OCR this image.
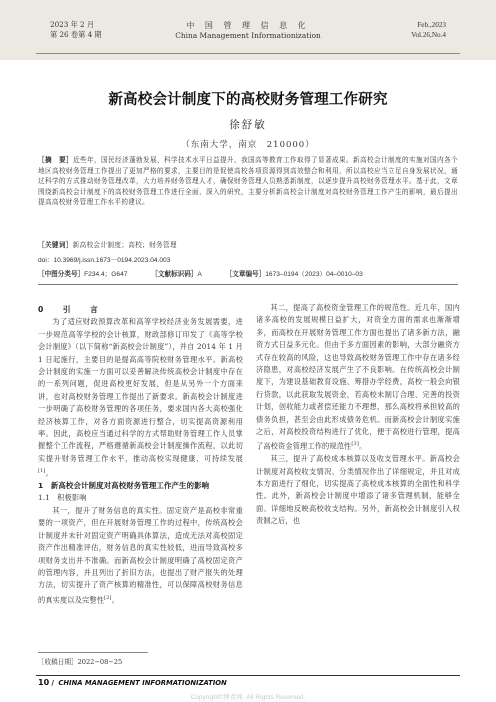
2023 年 2 月
第 26 卷第 4 期
中 国 管 理 信 息 化
China Management Informationization
Feb.,2023
Vol.26,No.4
新高校会计制度下的高校财务管理工作研究
徐舒敏
（东南大学，南京　210000）
［摘　要］近些年，国民经济蓬勃发展，科学技术水平日益提升，我国高等教育工作取得了显著成果。新高校会计制度的实施对国内各个地区高校财务管理工作提出了更加严格的要求，主要目的是促使高校各项资源得到高效整合和利用，所以高校应当立足自身发展状况，通过科学的方式推动财务管理改革，大力培养财务管理人才，确保财务管理人员熟悉新制度，以逐步提升高校财务管理水平。基于此，文章围绕新高校会计制度下的高校财务管理工作进行全面、深入的研究，主要分析新高校会计制度对高校财务管理工作产生的影响，最后提出提高高校财务管理工作水平的建议。
［关键词］新高校会计制度；高校；财务管理
doi：10.3969/j.issn.1673－0194.2023.04.003
［中图分类号］F234.4；G647	［文献标识码］A	［文章编号］1673–0194（2023）04–0010–03

0　引　言

为了适应财政预算改革和高等学校经济业务发展需要，进一步规范高等学校的会计核算，财政部修订印发了《高等学校会计制度》（以下简称“新高校会计制度”），并自 2014 年 1 月 1 日起施行，主要目的是提高高等院校财务管理水平。新高校会计制度的实施一方面可以妥善解决传统高校会计制度中存在的一系列问题，促进高校更好发展，但是从另外一个方面来讲，也对高校财务管理工作提出了新要求。新高校会计制度进一步明确了高校财务管理的各项任务，要求国内各大高校强化经济核算工作，对各方面资源进行整合，切实提高资源利用率。因此，高校应当通过科学的方式帮助财务管理工作人员掌握整个工作流程，严格遵循新高校会计制度操作流程，以此切实提升财务管理工作水平，推动高校实现健康、可持续发展[1]。

1　新高校会计制度对高校财务管理工作产生的影响

1.1　积极影响

其一，提升了财务信息的真实性。固定资产是高校非常重要的一项资产，但在开展财务管理工作的过程中，传统高校会计制度并未针对固定资产明确具体算法，造成无法对高校固定资产作出精准评估，财务信息的真实性较低，进而导致高校多项财务支出并不准确。而新高校会计制度明确了高校固定资产的管理内容，并且列出了折旧方法，也提出了财产报失的处理方法，切实提升了资产核算的精准性，可以保障高校财务信息的真实度以及完整性[2]。

其二，提高了高校资金管理工作的规范性。近几年，国内诸多高校的发展规模日益扩大，对资金方面的需求也渐渐增多，而高校在开展财务管理工作方面也提出了诸多新方法，融资方式日益多元化。但由于多方面因素的影响，大部分融资方式存在较高的风险，这也导致高校财务管理工作中存在诸多经济隐患，对高校经济发展产生了不良影响。在传统高校会计制度下，为建设基础教育设施、筹措办学经费，高校一般会向银行贷款，以此获取发展资金，若高校未制订合理、完善的投资计划，创收能力或者偿还能力不理想，那么高校将承担较高的债务负担，甚至会由此形成债务危机。而新高校会计制度实施之后，对高校投资结构进行了优化，便于高校进行管理，提高了高校资金管理工作的规范性[3]。

其三，提升了高校成本核算以及收支管理水平。新高校会计制度对高校收支情况、分类情况作出了详细规定，并且对成本方面进行了细化，切实提高了高校成本核算的全面性和科学性。此外，新高校会计制度中增添了诸多管理机制，能够全面、详细地反映高校收支结构。另外，新高校会计制度引入权责制之后，也

［收稿日期］2022−08−25
10 / CHINA MANAGEMENT INFORMATIONIZATION
Copyright©博看网. All Rights Reserved.
